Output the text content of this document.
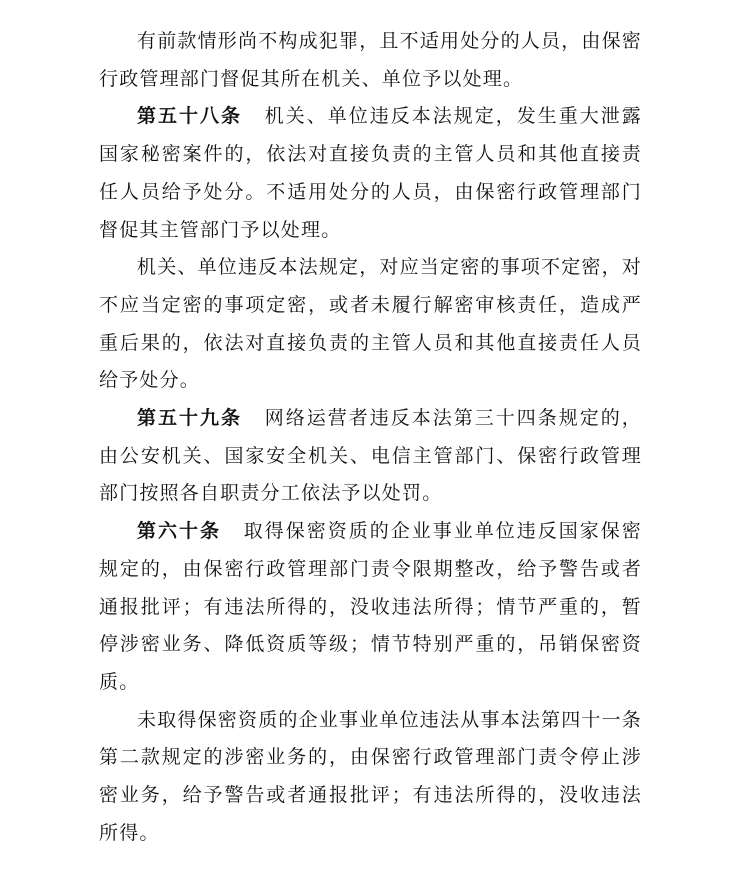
有前款情形尚不构成犯罪，且不适用处分的人员，由保密行政管理部门督促其所在机关、单位予以处理。

第五十八条 机关、单位违反本法规定，发生重大泄露国家秘密案件的，依法对直接负责的主管人员和其他直接责任人员给予处分。不适用处分的人员，由保密行政管理部门督促其主管部门予以处理。

机关、单位违反本法规定，对应当定密的事项不定密，对不应当定密的事项定密，或者未履行解密审核责任，造成严重后果的，依法对直接负责的主管人员和其他直接责任人员给予处分。

第五十九条 网络运营者违反本法第三十四条规定的，由公安机关、国家安全机关、电信主管部门、保密行政管理部门按照各自职责分工依法予以处罚。

第六十条 取得保密资质的企业事业单位违反国家保密规定的，由保密行政管理部门责令限期整改，给予警告或者通报批评；有违法所得的，没收违法所得；情节严重的，暂停涉密业务、降低资质等级；情节特别严重的，吊销保密资质。

未取得保密资质的企业事业单位违法从事本法第四十一条第二款规定的涉密业务的，由保密行政管理部门责令停止涉密业务，给予警告或者通报批评；有违法所得的，没收违法所得。
